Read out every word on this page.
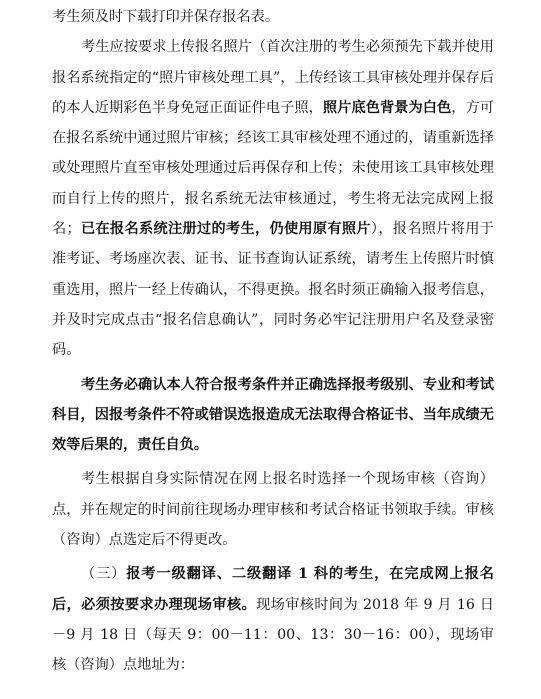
考生须及时下载打印并保存报名表。

考生应按要求上传报名照片（首次注册的考生必须预先下载并使用报名系统指定的“照片审核处理工具”，上传经该工具审核处理并保存后的本人近期彩色半身免冠正面证件电子照，照片底色背景为白色，方可在报名系统中通过照片审核；经该工具审核处理不通过的，请重新选择或处理照片直至审核处理通过后再保存和上传；未使用该工具审核处理而自行上传的照片，报名系统无法审核通过，考生将无法完成网上报名；已在报名系统注册过的考生，仍使用原有照片），报名照片将用于准考证、考场座次表、证书、证书查询认证系统，请考生上传照片时慎重选用，照片一经上传确认，不得更换。报名时须正确输入报考信息，并及时完成点击“报名信息确认”，同时务必牢记注册用户名及登录密码。

考生务必确认本人符合报考条件并正确选择报考级别、专业和考试科目，因报考条件不符或错误选报造成无法取得合格证书、当年成绩无效等后果的，责任自负。

考生根据自身实际情况在网上报名时选择一个现场审核（咨询）点，并在规定的时间前往现场办理审核和考试合格证书领取手续。审核（咨询）点选定后不得更改。

（三）报考一级翻译、二级翻译 1 科的考生，在完成网上报名后，必须按要求办理现场审核。现场审核时间为 2018 年 9 月 16 日－9 月 18 日（每天 9：00－11：00、13：30－16：00），现场审核（咨询）点地址为：
